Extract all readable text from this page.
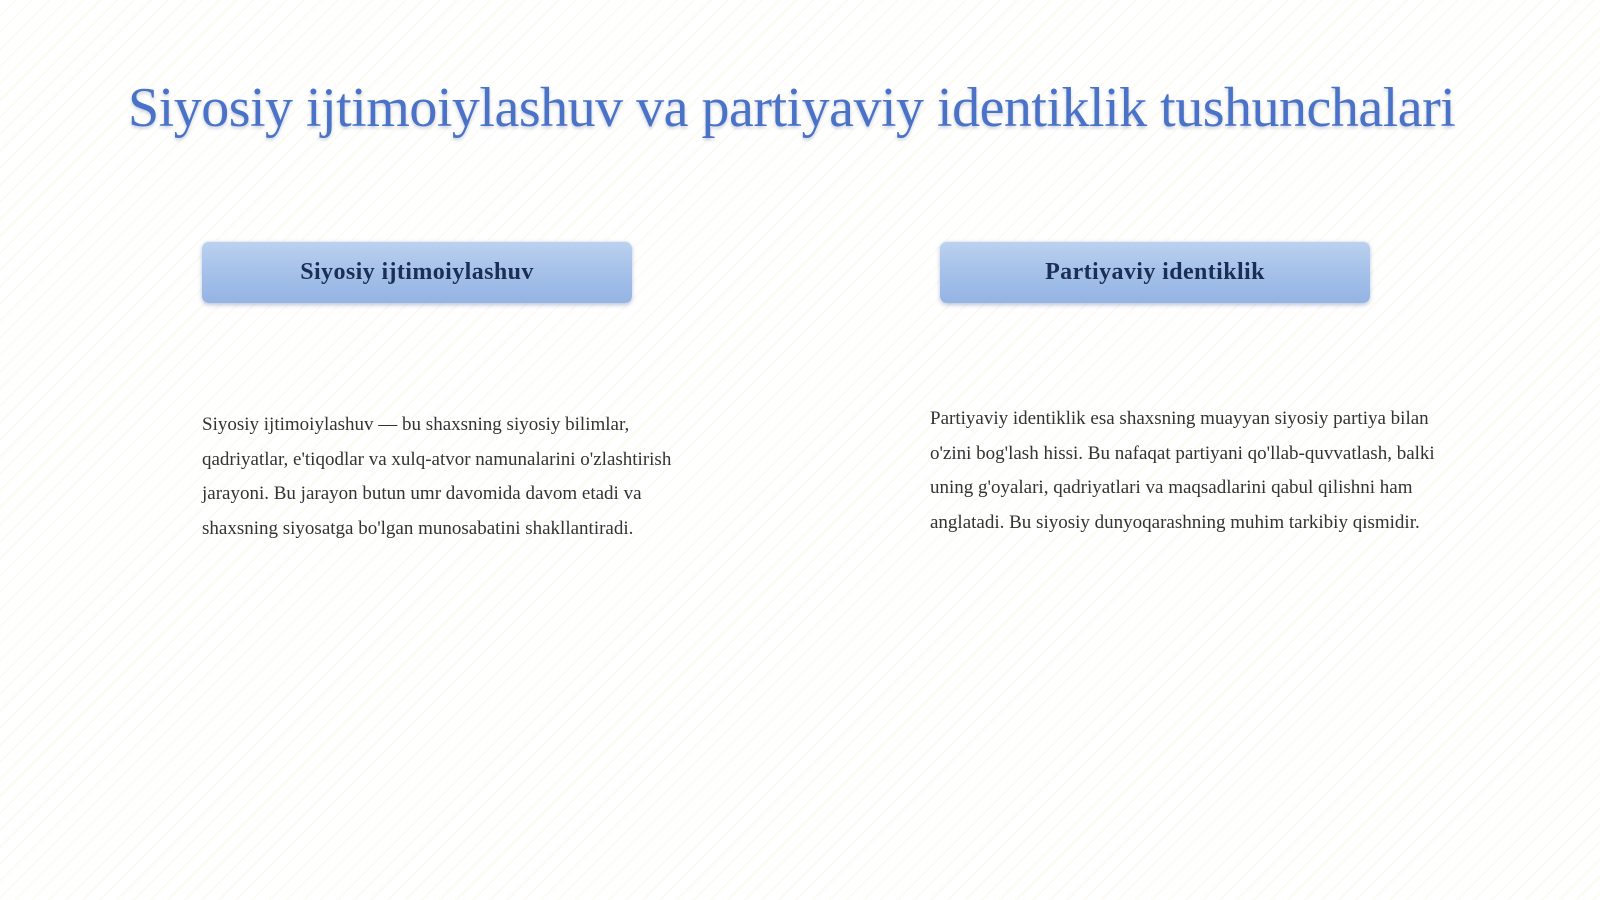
Siyosiy ijtimoiylashuv va partiyaviy identiklik tushunchalari
Siyosiy ijtimoiylashuv	Partiyaviy identiklik

Siyosiy ijtimoiylashuv — bu shaxsning siyosiy bilimlar, qadriyatlar, e'tiqodlar va xulq-atvor namunalarini o'zlashtirish jarayoni. Bu jarayon butun umr davomida davom etadi va shaxsning siyosatga bo'lgan munosabatini shakllantiradi.

Partiyaviy identiklik esa shaxsning muayyan siyosiy partiya bilan o'zini bog'lash hissi. Bu nafaqat partiyani qo'llab-quvvatlash, balki uning g'oyalari, qadriyatlari va maqsadlarini qabul qilishni ham anglatadi. Bu siyosiy dunyoqarashning muhim tarkibiy qismidir.
